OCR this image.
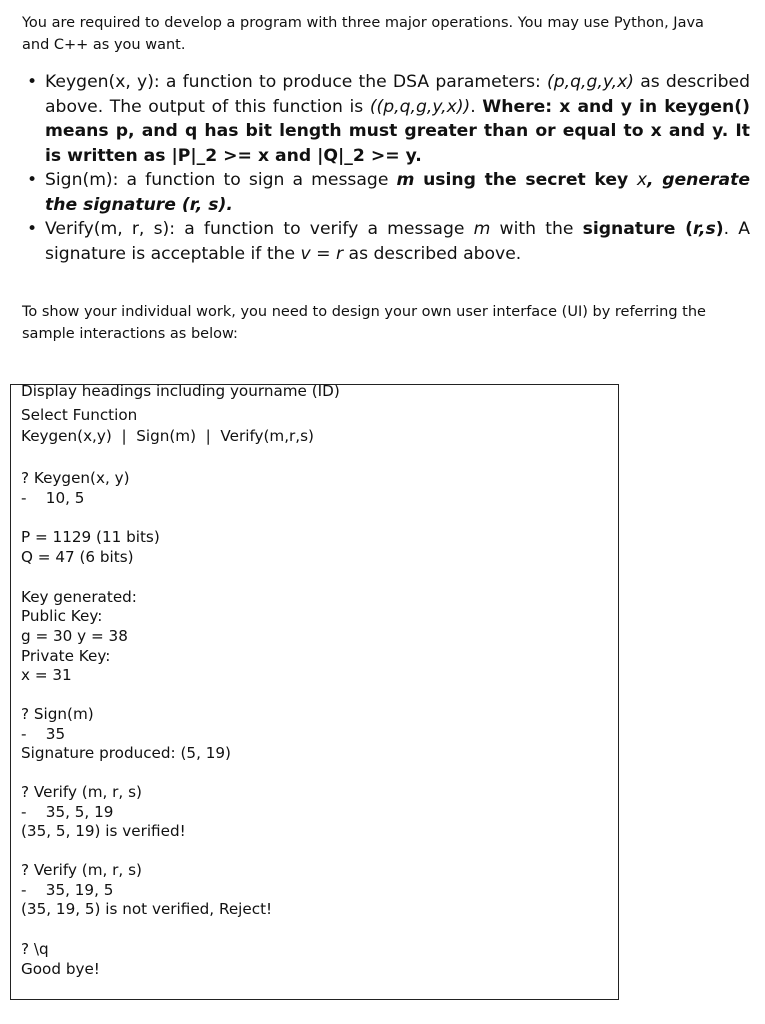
You are required to develop a program with three major operations. You may use Python, Java and C++ as you want.

• Keygen(x, y): a function to produce the DSA parameters: (p,q,g,y,x) as described above. The output of this function is ((p,q,g,y,x)). Where: x and y in keygen() means p, and q has bit length must greater than or equal to x and y. It is written as |P|_2 >= x and |Q|_2 >= y.
• Sign(m): a function to sign a message m using the secret key x, generate the signature (r, s).
• Verify(m, r, s): a function to verify a message m with the signature (r,s). A signature is acceptable if the v = r as described above.

To show your individual work, you need to design your own user interface (UI) by referring the sample interactions as below:

Display headings including yourname (ID)
Select Function
Keygen(x,y)  |  Sign(m)  |  Verify(m,r,s)
? Keygen(x, y)
-    10, 5
P = 1129 (11 bits)
Q = 47 (6 bits)
Key generated:
Public Key:
g = 30 y = 38
Private Key:
x = 31
? Sign(m)
-    35
Signature produced: (5, 19)
? Verify (m, r, s)
-    35, 5, 19
(35, 5, 19) is verified!
? Verify (m, r, s)
-    35, 19, 5
(35, 19, 5) is not verified, Reject!
? \q
Good bye!
